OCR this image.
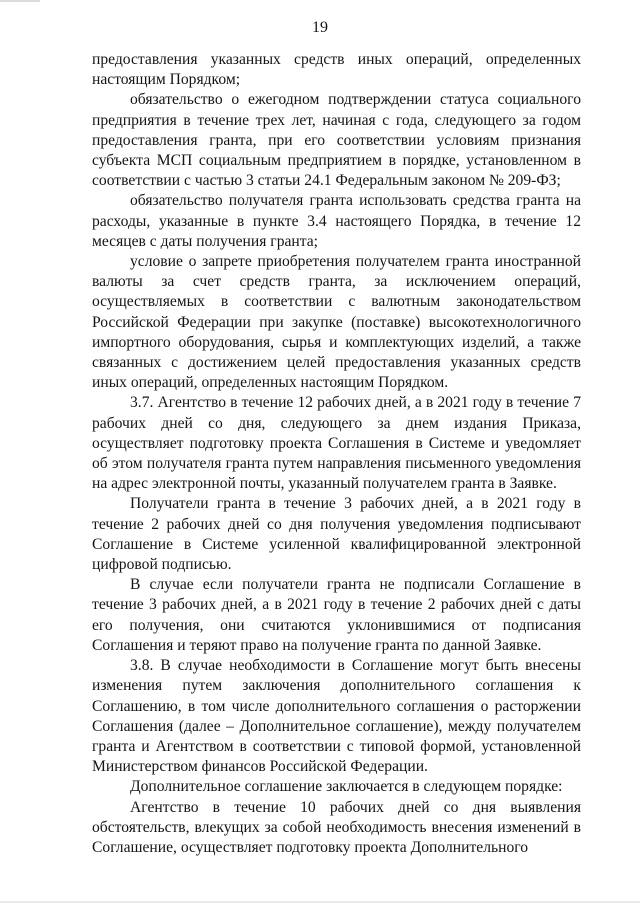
19

предоставления указанных средств иных операций, определенных настоящим Порядком;

обязательство о ежегодном подтверждении статуса социального предприятия в течение трех лет, начиная с года, следующего за годом предоставления гранта, при его соответствии условиям признания субъекта МСП социальным предприятием в порядке, установленном в соответствии с частью 3 статьи 24.1 Федеральным законом № 209-ФЗ;

обязательство получателя гранта использовать средства гранта на расходы, указанные в пункте 3.4 настоящего Порядка, в течение 12 месяцев с даты получения гранта;

условие о запрете приобретения получателем гранта иностранной валюты за счет средств гранта, за исключением операций, осуществляемых в соответствии с валютным законодательством Российской Федерации при закупке (поставке) высокотехнологичного импортного оборудования, сырья и комплектующих изделий, а также связанных с достижением целей предоставления указанных средств иных операций, определенных настоящим Порядком.

3.7. Агентство в течение 12 рабочих дней, а в 2021 году в течение 7 рабочих дней со дня, следующего за днем издания Приказа, осуществляет подготовку проекта Соглашения в Системе и уведомляет об этом получателя гранта путем направления письменного уведомления на адрес электронной почты, указанный получателем гранта в Заявке.

Получатели гранта в течение 3 рабочих дней, а в 2021 году в течение 2 рабочих дней со дня получения уведомления подписывают Соглашение в Системе усиленной квалифицированной электронной цифровой подписью.

В случае если получатели гранта не подписали Соглашение в течение 3 рабочих дней, а в 2021 году в течение 2 рабочих дней с даты его получения, они считаются уклонившимися от подписания Соглашения и теряют право на получение гранта по данной Заявке.

3.8. В случае необходимости в Соглашение могут быть внесены изменения путем заключения дополнительного соглашения к Соглашению, в том числе дополнительного соглашения о расторжении Соглашения (далее – Дополнительное соглашение), между получателем гранта и Агентством в соответствии с типовой формой, установленной Министерством финансов Российской Федерации.

Дополнительное соглашение заключается в следующем порядке:

Агентство в течение 10 рабочих дней со дня выявления обстоятельств, влекущих за собой необходимость внесения изменений в Соглашение, осуществляет подготовку проекта Дополнительного
